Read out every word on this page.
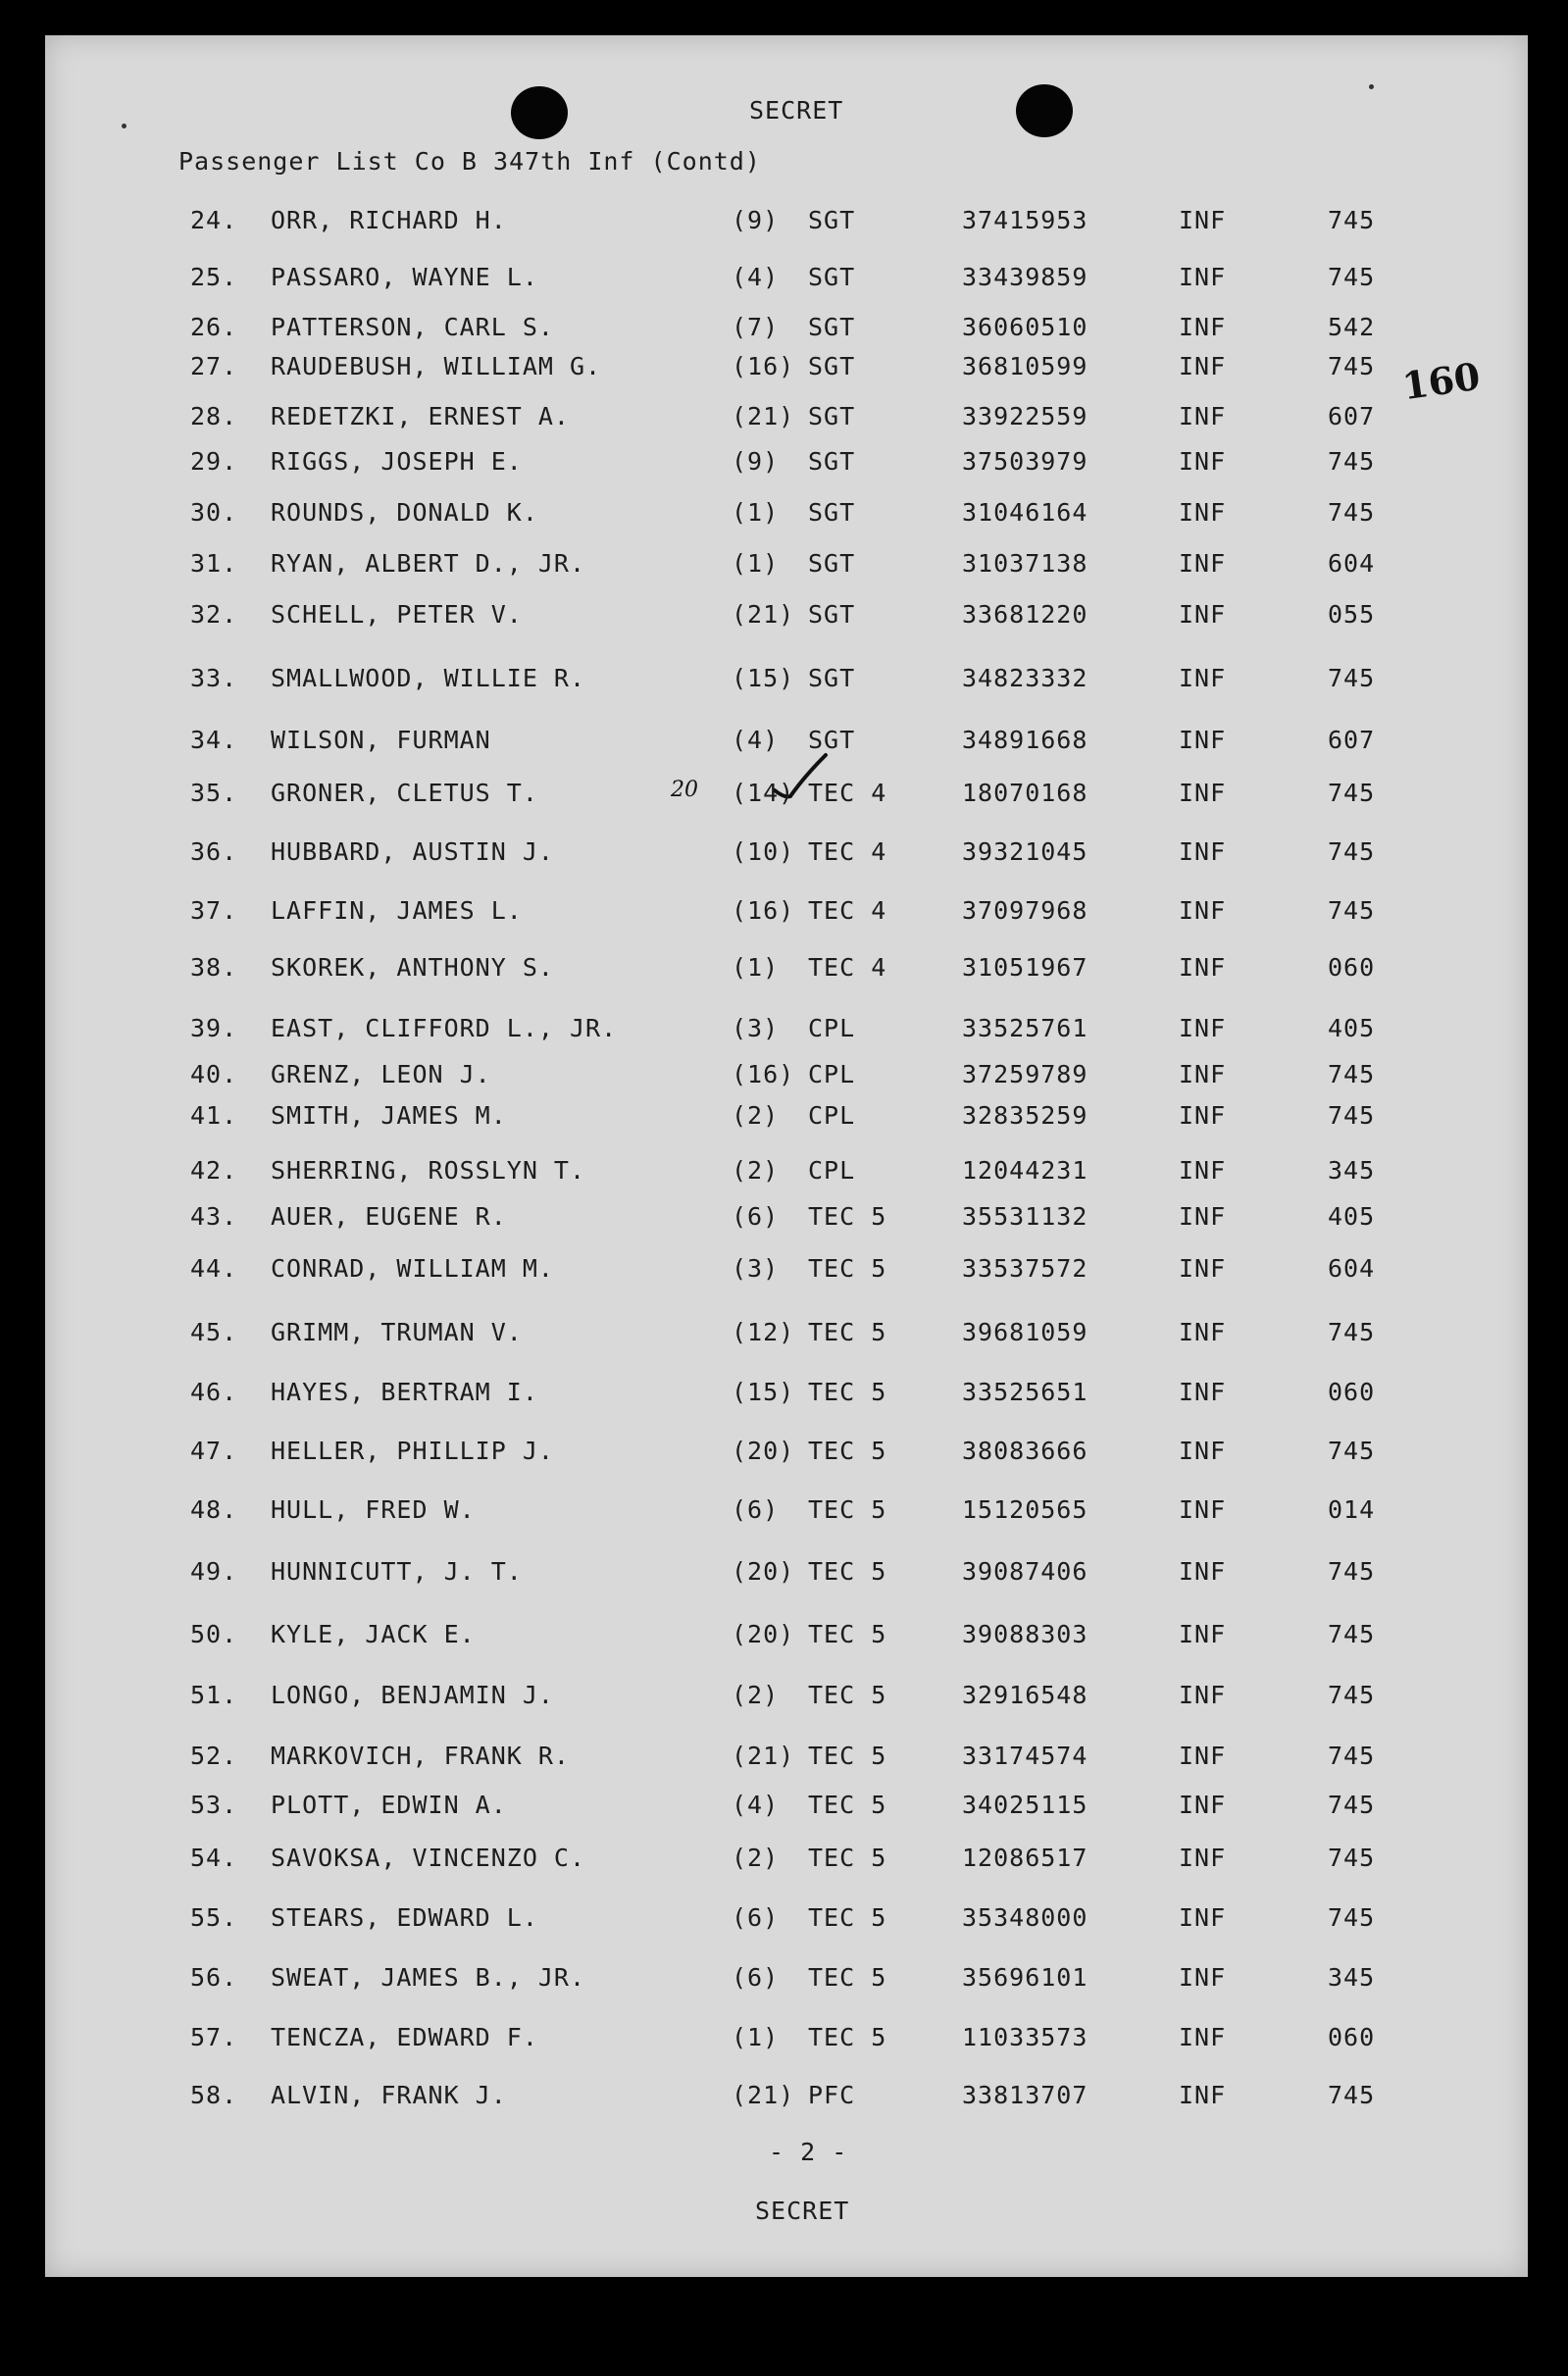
SECRET
Passenger List Co B 347th Inf (Contd)
160
20
24. ORR, RICHARD H.	(9) SGT	37415953	INF	745
25. PASSARO, WAYNE L.	(4) SGT	33439859	INF	745
26. PATTERSON, CARL S.	(7) SGT	36060510	INF	542
27. RAUDEBUSH, WILLIAM G.	(16) SGT	36810599	INF	745
28. REDETZKI, ERNEST A.	(21) SGT	33922559	INF	607
29. RIGGS, JOSEPH E.	(9) SGT	37503979	INF	745
30. ROUNDS, DONALD K.	(1) SGT	31046164	INF	745
31. RYAN, ALBERT D., JR.	(1) SGT	31037138	INF	604
32. SCHELL, PETER V.	(21) SGT	33681220	INF	055
33. SMALLWOOD, WILLIE R.	(15) SGT	34823332	INF	745
34. WILSON, FURMAN	(4) SGT	34891668	INF	607
35. GRONER, CLETUS T.	(14) TEC 4	18070168	INF	745
36. HUBBARD, AUSTIN J.	(10) TEC 4	39321045	INF	745
37. LAFFIN, JAMES L.	(16) TEC 4	37097968	INF	745
38. SKOREK, ANTHONY S.	(1) TEC 4	31051967	INF	060
39. EAST, CLIFFORD L., JR.	(3) CPL	33525761	INF	405
40. GRENZ, LEON J.	(16) CPL	37259789	INF	745
41. SMITH, JAMES M.	(2) CPL	32835259	INF	745
42. SHERRING, ROSSLYN T.	(2) CPL	12044231	INF	345
43. AUER, EUGENE R.	(6) TEC 5	35531132	INF	405
44. CONRAD, WILLIAM M.	(3) TEC 5	33537572	INF	604
45. GRIMM, TRUMAN V.	(12) TEC 5	39681059	INF	745
46. HAYES, BERTRAM I.	(15) TEC 5	33525651	INF	060
47. HELLER, PHILLIP J.	(20) TEC 5	38083666	INF	745
48. HULL, FRED W.	(6) TEC 5	15120565	INF	014
49. HUNNICUTT, J. T.	(20) TEC 5	39087406	INF	745
50. KYLE, JACK E.	(20) TEC 5	39088303	INF	745
51. LONGO, BENJAMIN J.	(2) TEC 5	32916548	INF	745
52. MARKOVICH, FRANK R.	(21) TEC 5	33174574	INF	745
53. PLOTT, EDWIN A.	(4) TEC 5	34025115	INF	745
54. SAVOKSA, VINCENZO C.	(2) TEC 5	12086517	INF	745
55. STEARS, EDWARD L.	(6) TEC 5	35348000	INF	745
56. SWEAT, JAMES B., JR.	(6) TEC 5	35696101	INF	345
57. TENCZA, EDWARD F.	(1) TEC 5	11033573	INF	060
58. ALVIN, FRANK J.	(21) PFC	33813707	INF	745
- 2 -
SECRET
